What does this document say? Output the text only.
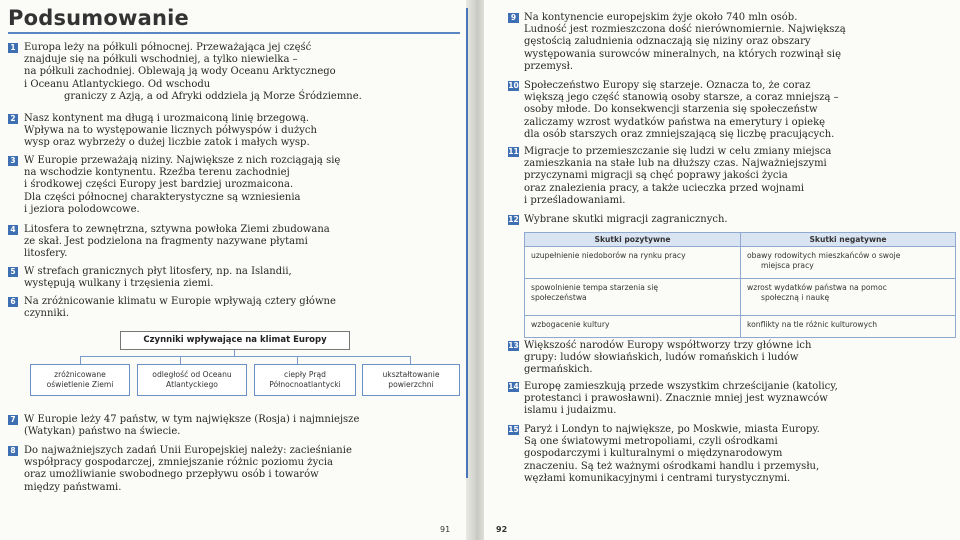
Podsumowanie
1 Europa leży na półkuli północnej. Przeważająca jej część
znajduje się na półkuli wschodniej, a tylko niewielka –
na półkuli zachodniej. Oblewają ją wody Oceanu Arktycznego
i Oceanu Atlantyckiego. Od wschodu
graniczy z Azją, a od Afryki oddziela ją Morze Śródziemne.
2 Nasz kontynent ma długą i urozmaiconą linię brzegową.
Wpływa na to występowanie licznych półwyspów i dużych
wysp oraz wybrzeży o dużej liczbie zatok i małych wysp.
3 W Europie przeważają niziny. Największe z nich rozciągają się
na wschodzie kontynentu. Rzeźba terenu zachodniej
i środkowej części Europy jest bardziej urozmaicona.
Dla części północnej charakterystyczne są wzniesienia
i jeziora polodowcowe.
4 Litosfera to zewnętrzna, sztywna powłoka Ziemi zbudowana
ze skał. Jest podzielona na fragmenty nazywane płytami
litosfery.
5 W strefach granicznych płyt litosfery, np. na Islandii,
występują wulkany i trzęsienia ziemi.
6 Na zróżnicowanie klimatu w Europie wpływają cztery główne
czynniki.
Czynniki wpływające na klimat Europy
zróżnicowane
oświetlenie Ziemi
odległość od Oceanu
Atlantyckiego
ciepły Prąd
Północnoatlantycki
ukształtowanie
powierzchni
7 W Europie leży 47 państw, w tym największe (Rosja) i najmniejsze
(Watykan) państwo na świecie.
8 Do najważniejszych zadań Unii Europejskiej należy: zacieśnianie
współpracy gospodarczej, zmniejszanie różnic poziomu życia
oraz umożliwianie swobodnego przepływu osób i towarów
między państwami.
91
9 Na kontynencie europejskim żyje około 740 mln osób.
Ludność jest rozmieszczona dość nierównomiernie. Największą
gęstością zaludnienia odznaczają się niziny oraz obszary
występowania surowców mineralnych, na których rozwinął się
przemysł.
10 Społeczeństwo Europy się starzeje. Oznacza to, że coraz
większą jego część stanowią osoby starsze, a coraz mniejszą –
osoby młode. Do konsekwencji starzenia się społeczeństw
zaliczamy wzrost wydatków państwa na emerytury i opiekę
dla osób starszych oraz zmniejszającą się liczbę pracujących.
11 Migracje to przemieszczanie się ludzi w celu zmiany miejsca
zamieszkania na stałe lub na dłuższy czas. Najważniejszymi
przyczynami migracji są chęć poprawy jakości życia
oraz znalezienia pracy, a także ucieczka przed wojnami
i prześladowaniami.
12 Wybrane skutki migracji zagranicznych.
13 Większość narodów Europy współtworzy trzy główne ich
grupy: ludów słowiańskich, ludów romańskich i ludów
germańskich.
14 Europę zamieszkują przede wszystkim chrześcijanie (katolicy,
protestanci i prawosławni). Znacznie mniej jest wyznawców
islamu i judaizmu.
15 Paryż i Londyn to największe, po Moskwie, miasta Europy.
Są one światowymi metropoliami, czyli ośrodkami
gospodarczymi i kulturalnymi o międzynarodowym
znaczeniu. Są też ważnymi ośrodkami handlu i przemysłu,
węzłami komunikacyjnymi i centrami turystycznymi.
92
Skutki pozytywne	Skutki negatywne

uzupełnienie niedoborów na rynku pracy	obawy rodowitych mieszkańców o swoje
miejsca pracy

spowolnienie tempa starzenia się
społeczeństwa	wzrost wydatków państwa na pomoc
społeczną i naukę

wzbogacenie kultury	konflikty na tle różnic kulturowych
